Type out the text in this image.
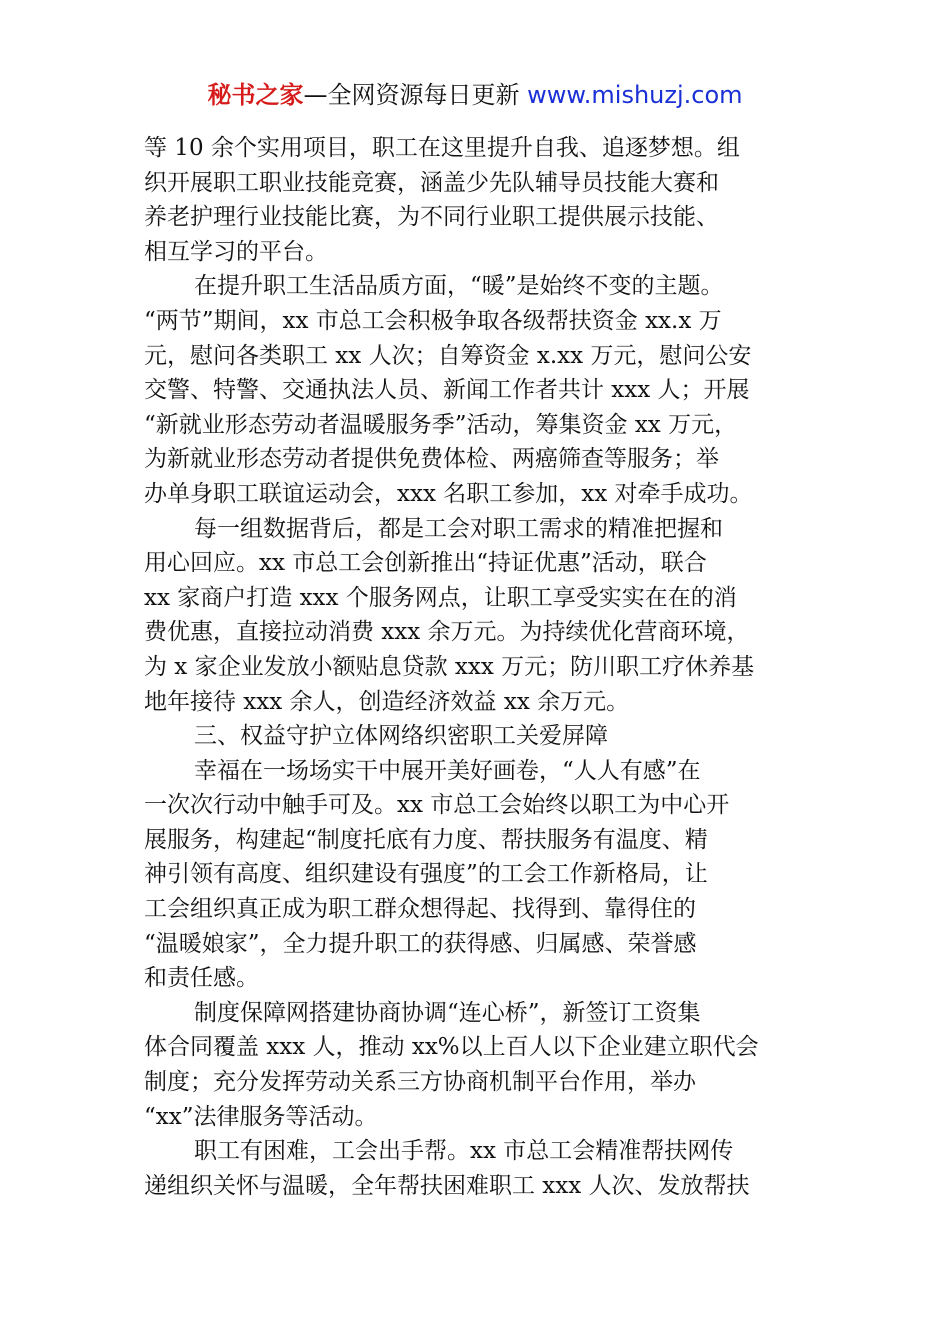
秘书之家—全网资源每日更新 www.mishuzj.com

等 10 余个实用项目，职工在这里提升自我、追逐梦想。组
织开展职工职业技能竞赛，涵盖少先队辅导员技能大赛和
养老护理行业技能比赛，为不同行业职工提供展示技能、
相互学习的平台。

在提升职工生活品质方面，“暖”是始终不变的主题。
“两节”期间，xx 市总工会积极争取各级帮扶资金 xx.x 万
元，慰问各类职工 xx 人次；自筹资金 x.xx 万元，慰问公安
交警、特警、交通执法人员、新闻工作者共计 xxx 人；开展
“新就业形态劳动者温暖服务季”活动，筹集资金 xx 万元，
为新就业形态劳动者提供免费体检、两癌筛查等服务；举
办单身职工联谊运动会，xxx 名职工参加，xx 对牵手成功。

每一组数据背后，都是工会对职工需求的精准把握和
用心回应。xx 市总工会创新推出“持证优惠”活动，联合
xx 家商户打造 xxx 个服务网点，让职工享受实实在在的消
费优惠，直接拉动消费 xxx 余万元。为持续优化营商环境，
为 x 家企业发放小额贴息贷款 xxx 万元；防川职工疗休养基
地年接待 xxx 余人，创造经济效益 xx 余万元。

三、权益守护立体网络织密职工关爱屏障

幸福在一场场实干中展开美好画卷，“人人有感”在
一次次行动中触手可及。xx 市总工会始终以职工为中心开
展服务，构建起“制度托底有力度、帮扶服务有温度、精
神引领有高度、组织建设有强度”的工会工作新格局，让
工会组织真正成为职工群众想得起、找得到、靠得住的
“温暖娘家”，全力提升职工的获得感、归属感、荣誉感
和责任感。

制度保障网搭建协商协调“连心桥”，新签订工资集
体合同覆盖 xxx 人，推动 xx%以上百人以下企业建立职代会
制度；充分发挥劳动关系三方协商机制平台作用，举办
“xx”法律服务等活动。

职工有困难，工会出手帮。xx 市总工会精准帮扶网传
递组织关怀与温暖，全年帮扶困难职工 xxx 人次、发放帮扶
